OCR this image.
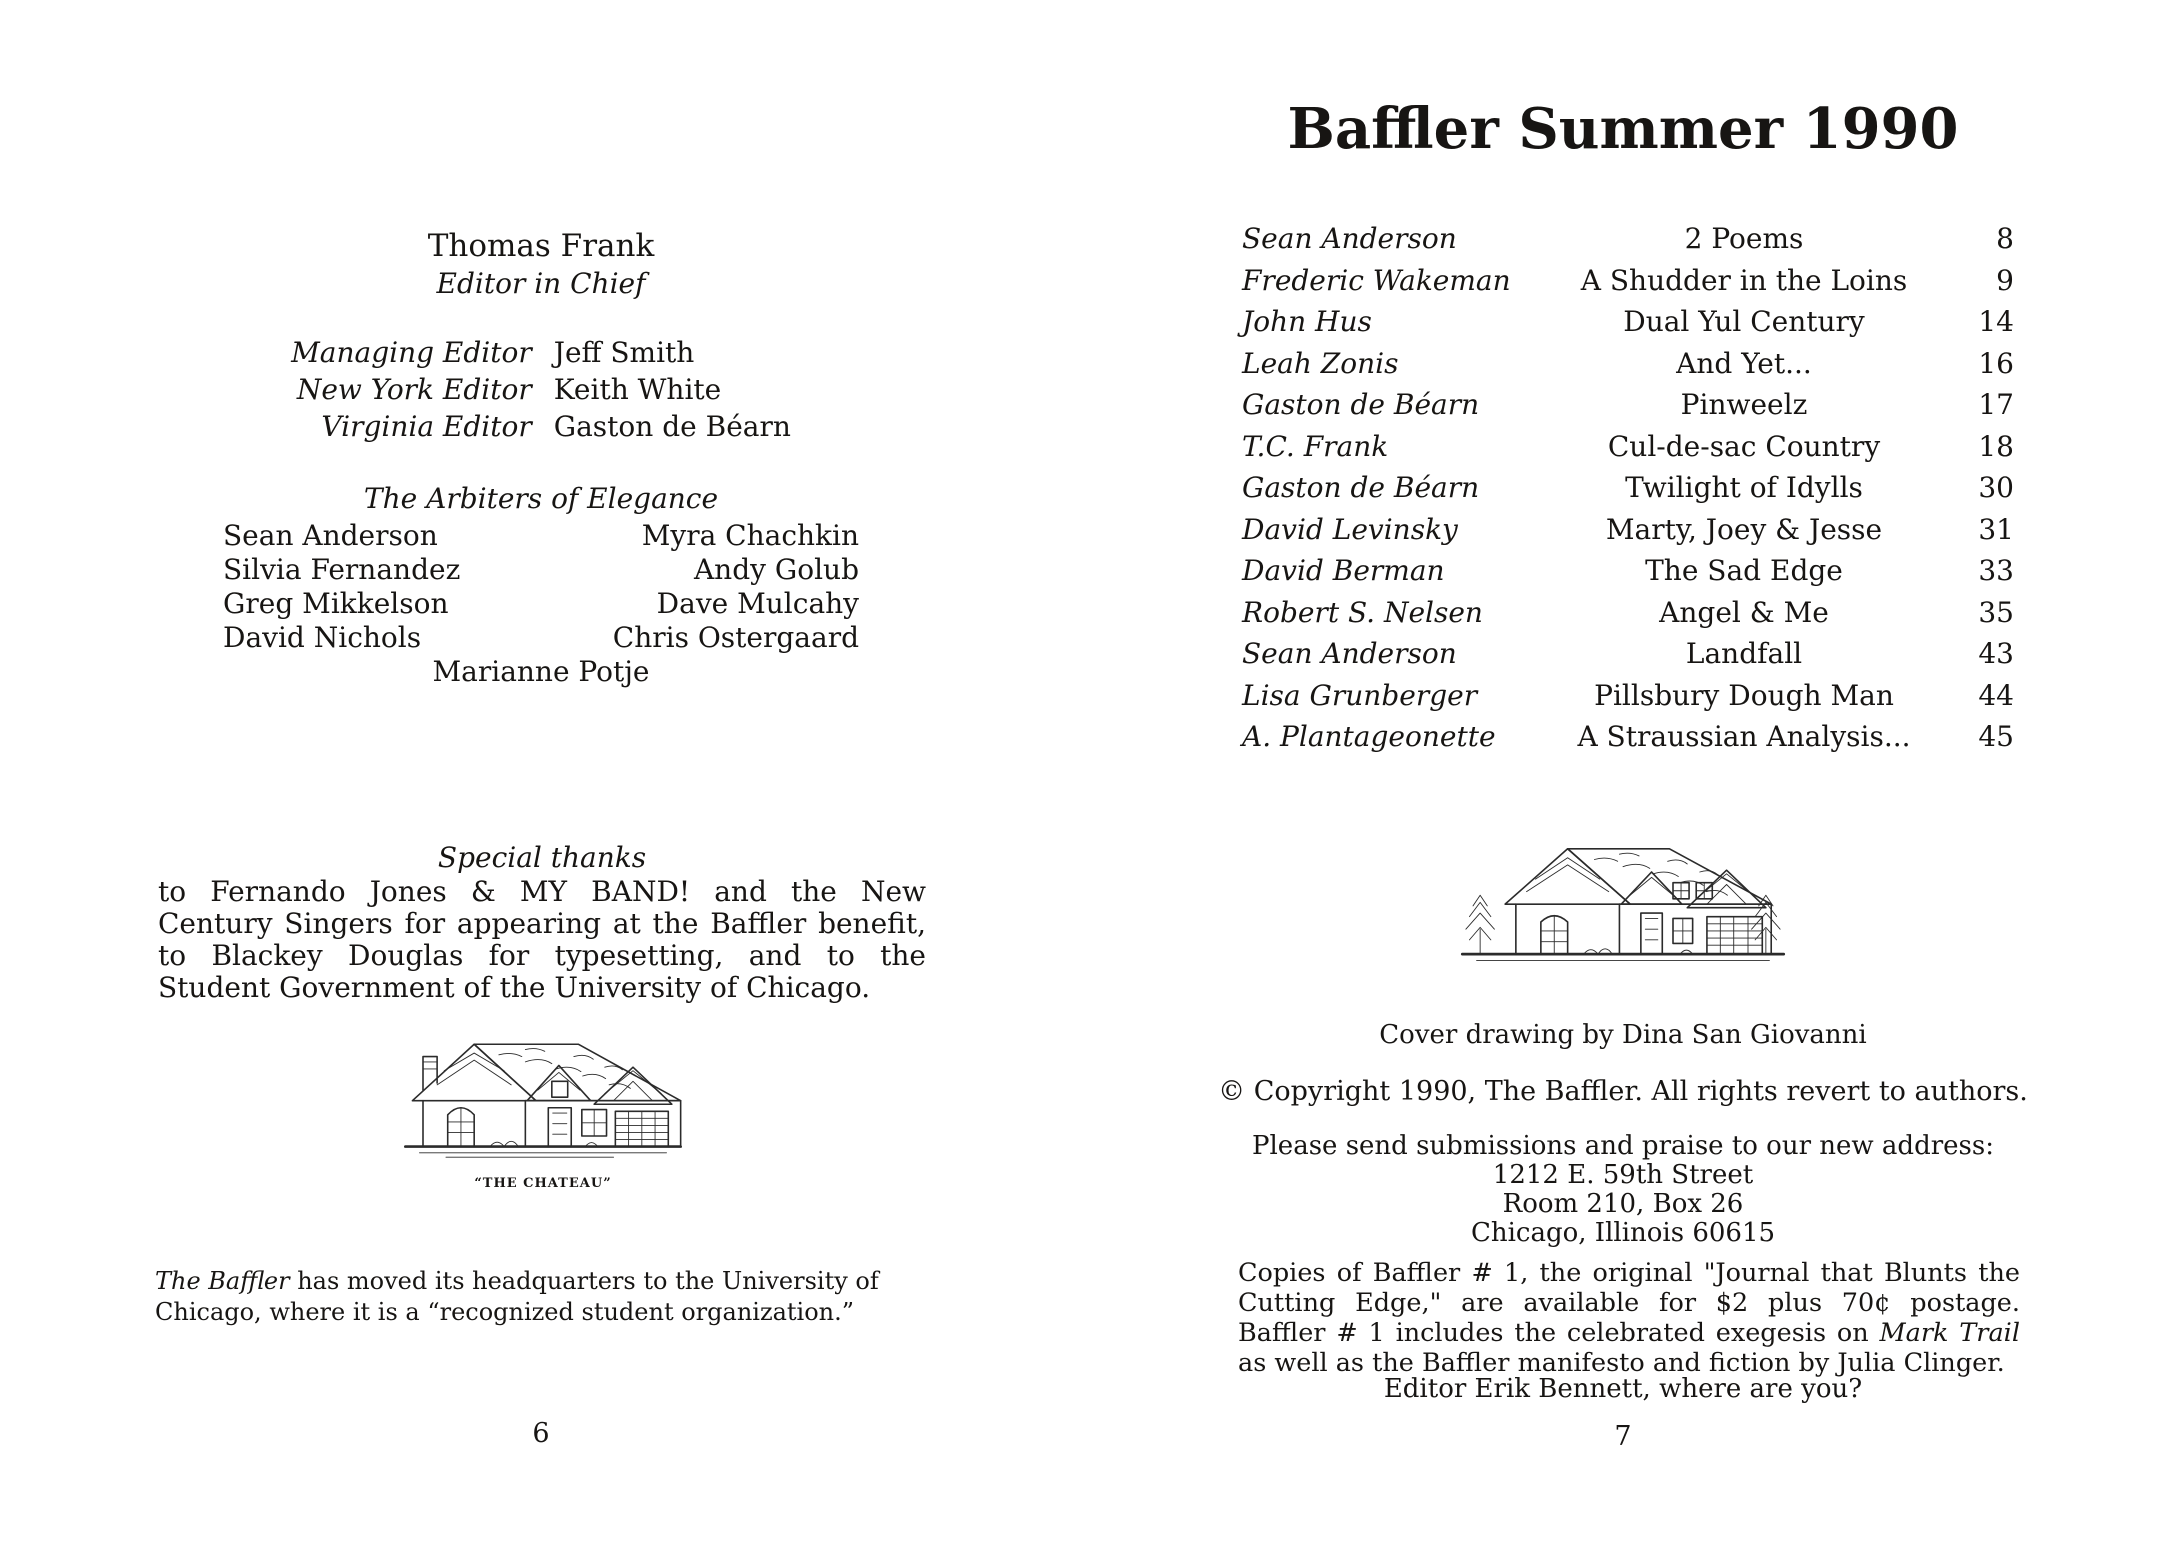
Thomas Frank
Editor in Chief
Managing Editor Jeff Smith
New York Editor Keith White
Virginia Editor Gaston de Béarn
The Arbiters of Elegance
Sean Anderson
Silvia Fernandez
Greg Mikkelson
David Nichols
Myra Chachkin
Andy Golub
Dave Mulcahy
Chris Ostergaard
Marianne Potje
Special thanks
to Fernando Jones & MY BAND! and the New Century Singers for appearing at the Baffler benefit, to Blackey Douglas for typesetting, and to the Student Government of the University of Chicago.
“THE CHATEAU”
The Baffler has moved its headquarters to the University of Chicago, where it is a “recognized student organization.”
6
Baffler Summer 1990
Sean Anderson	2 Poems	8
Frederic Wakeman	A Shudder in the Loins	9
John Hus	Dual Yul Century	14
Leah Zonis	And Yet...	16
Gaston de Béarn	Pinweelz	17
T.C. Frank	Cul-de-sac Country	18
Gaston de Béarn	Twilight of Idylls	30
David Levinsky	Marty, Joey & Jesse	31
David Berman	The Sad Edge	33
Robert S. Nelsen	Angel & Me	35
Sean Anderson	Landfall	43
Lisa Grunberger	Pillsbury Dough Man	44
A. Plantageonette	A Straussian Analysis...	45
Cover drawing by Dina San Giovanni
© Copyright 1990, The Baffler. All rights revert to authors.
Please send submissions and praise to our new address:
1212 E. 59th Street
Room 210, Box 26
Chicago, Illinois 60615
Copies of Baffler # 1, the original "Journal that Blunts the Cutting Edge," are available for $2 plus 70¢ postage. Baffler # 1 includes the celebrated exegesis on Mark Trail as well as the Baffler manifesto and fiction by Julia Clinger.
Editor Erik Bennett, where are you?
7
